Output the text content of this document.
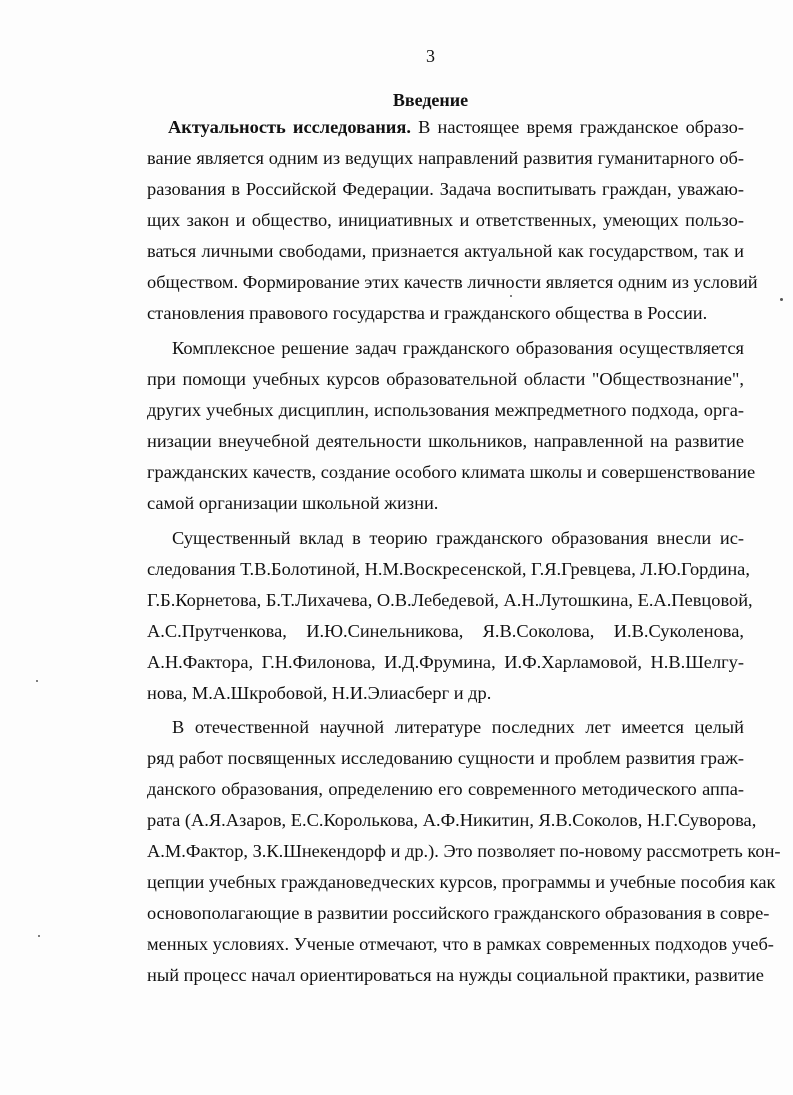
3
Введение
Актуальность исследования. В настоящее время гражданское образо-
вание является одним из ведущих направлений развития гуманитарного об-
разования в Российской Федерации. Задача воспитывать граждан, уважаю-
щих закон и общество, инициативных и ответственных, умеющих пользо-
ваться личными свободами, признается актуальной как государством, так и
обществом. Формирование этих качеств личности является одним из условий
становления правового государства и гражданского общества в России.
Комплексное решение задач гражданского образования осуществляется
при помощи учебных курсов образовательной области "Обществознание",
других учебных дисциплин, использования межпредметного подхода, орга-
низации внеучебной деятельности школьников, направленной на развитие
гражданских качеств, создание особого климата школы и совершенствование
самой организации школьной жизни.
Существенный вклад в теорию гражданского образования внесли ис-
следования Т.В.Болотиной, Н.М.Воскресенской, Г.Я.Гревцева, Л.Ю.Гордина,
Г.Б.Корнетова, Б.Т.Лихачева, О.В.Лебедевой, А.Н.Лутошкина, Е.А.Певцовой,
А.С.Прутченкова, И.Ю.Синельникова, Я.В.Соколова, И.В.Суколенова,
А.Н.Фактора, Г.Н.Филонова, И.Д.Фрумина, И.Ф.Харламовой, Н.В.Шелгу-
нова, М.А.Шкробовой, Н.И.Элиасберг и др.
В отечественной научной литературе последних лет имеется целый
ряд работ посвященных исследованию сущности и проблем развития граж-
данского образования, определению его современного методического аппа-
рата (А.Я.Азаров, Е.С.Королькова, А.Ф.Никитин, Я.В.Соколов, Н.Г.Суворова,
А.М.Фактор, З.К.Шнекендорф и др.). Это позволяет по-новому рассмотреть кон-
цепции учебных граждановедческих курсов, программы и учебные пособия как
основополагающие в развитии российского гражданского образования в совре-
менных условиях. Ученые отмечают, что в рамках современных подходов учеб-
ный процесс начал ориентироваться на нужды социальной практики, развитие
